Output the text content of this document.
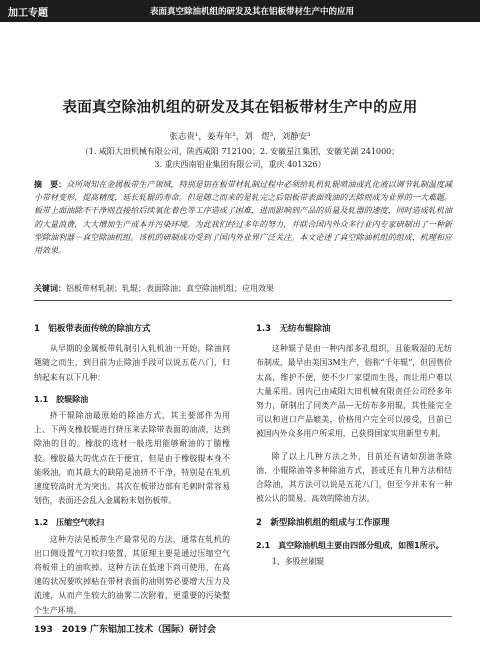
加工专题	表面真空除油机组的研发及其在铝板带材生产中的应用
表面真空除油机组的研发及其在铝板带材生产中的应用
张志贵¹，姜寿年²，刘　煜³，刘静安³
（1. 咸阳大田机械有限公司，陕西咸阳 712100；2. 安徽星江集团，安徽芜湖 241000；
3. 重庆西南铝业集团有限公司，重庆 401326）
摘　要：众所周知在金属板带生产领域，特别是铝在板带材轧制过程中必须给轧机轧辊喷油或乳化液以调节轧制温度减小带材变形，提高精度，延长轧辊的寿命。但是随之而来的是轧完之后铝板带表面残油的去除则成为业界的一大难题。板带上面油除不干净则直接给后续氧化着色等工序造成了困难，进而影响到产品的质量及轧器的速度，同时造成轧机油的大量浪费，大大增加生产成本并污染环境。为此我们经过多年的努力，并联合国内外众多行业内专家研制出了一种新型除油利器－真空除油机组。该机的研制成功受到了国内外业界广泛关注。本文论述了真空除油机组的组成、机理和应用效果。
关键词：铝板带材轧制；轧辊；表面除油；真空除油机组；应用效果
1　铝板带表面传统的除油方式

从早期的金属板带轧制引入轧机油一开始，除油问题随之而生，到目前为止除油手段可以说五花八门，归纳起来有以下几种：

1.1　胶辊除油

挤干辊除油最原始的除油方式，其主要部件为用上、下两支橡胶辊进行挤压来去除带表面的油渍，达到除油的目的。橡胶的选材一般选用能够耐油的丁腈橡胶。橡胶最大的优点在于便宜，但是由于橡胶辊本身不能吸油，而其最大的缺陷是油挤不干净，特别是在轧机速度较高时尤为突出。其次在板带边部有毛刺时常容易划伤，表面还会乱入金属粉末划伤板带。

1.2　压缩空气吹扫

这种方法是板带生产最常见的方法，通常在轧机的出口侧设置气刀吹扫装置，其原理主要是通过压缩空气将板带上的油吹掉。这种方法在低速下尚可使用，在高速的状况要吹掉粘在带材表面的油则势必要增大压力及流速，从而产生较大的油雾二次附着，更重要的污染整个生产环境。

1.3　无纺布辊除油

这种辊子是由一种内部多孔组织，且能吸湿的无纺布制成，最早由美国3M生产，俗称“千年辊”，但因售价太高，维护不便，使不少厂家望而生畏，而让用户难以大量采用。国内已由咸阳大田机械有限责任公司经多年努力，研制出了同类产品—无纺布多用辊，其性能完全可以和进口产品媲美，价格用户完全可以接受，目前已被国内外众多用户所采用，已获得国家实用新型专利。

除了以上几种方法之外，目前还有诸如刮油条除油、小辊除油等多种除油方式，甚或还有几种方法相结合除油，其方法可以说是五花八门，但至今并未有一种被公认的简易、高效的除油方法。

2　新型除油机组的组成与工作原理
2.1　真空除油机组主要由四部分组成，如图1所示。

1、多股丝刷辊

193　2019 广东铝加工技术（国际）研讨会
